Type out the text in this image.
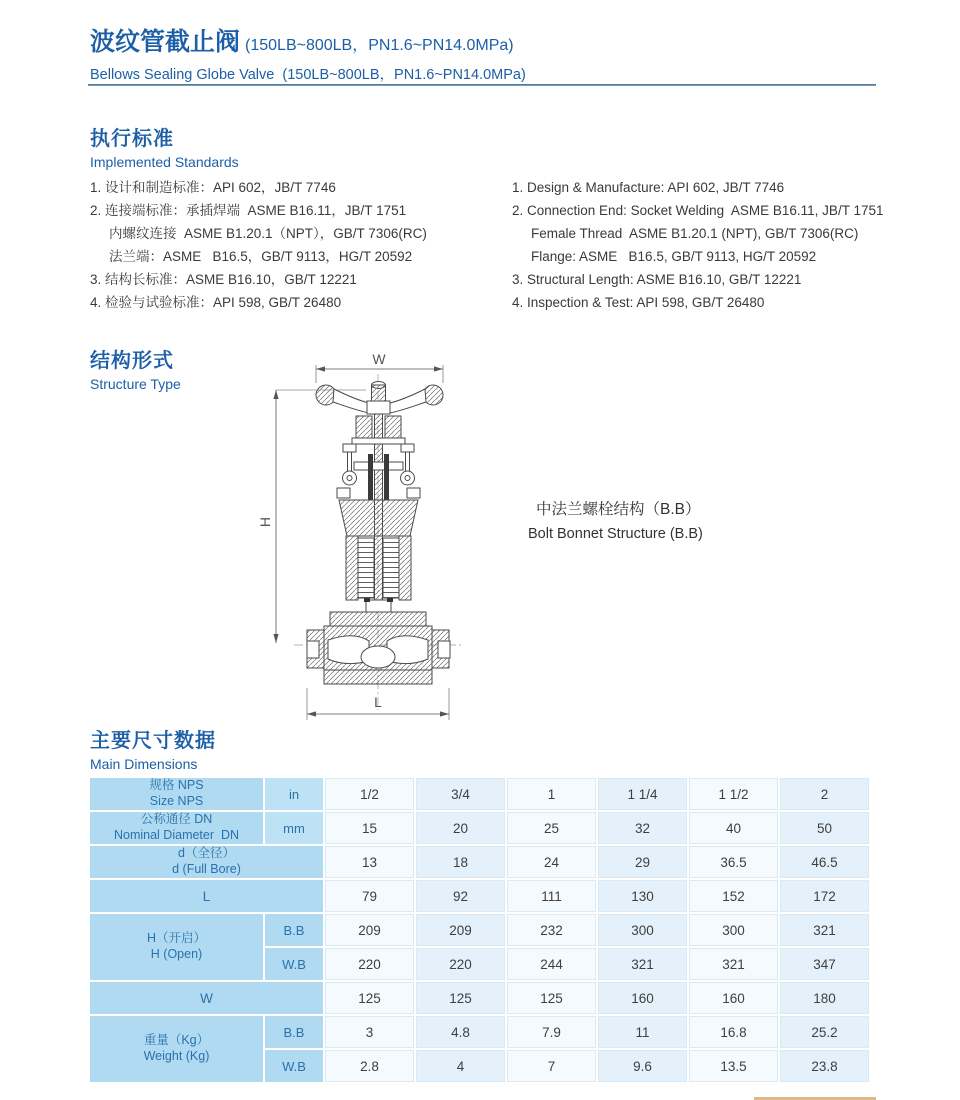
波纹管截止阀 (150LB~800LB，PN1.6~PN14.0MPa)
Bellows Sealing Globe Valve  (150LB~800LB，PN1.6~PN14.0MPa)
执行标准
Implemented Standards
1. 设计和制造标准：API 602，JB/T 7746
2. 连接端标准：承插焊端  ASME B16.11，JB/T 1751
内螺纹连接  ASME B1.20.1（NPT），GB/T 7306(RC)
法兰端：ASME   B16.5，GB/T 9113，HG/T 20592
3. 结构长标准：ASME B16.10，GB/T 12221
4. 检验与试验标准：API 598, GB/T 26480
1. Design & Manufacture: API 602, JB/T 7746
2. Connection End: Socket Welding  ASME B16.11, JB/T 1751
Female Thread  ASME B1.20.1 (NPT), GB/T 7306(RC)
Flange: ASME   B16.5, GB/T 9113, HG/T 20592
3. Structural Length: ASME B16.10, GB/T 12221
4. Inspection & Test: API 598, GB/T 26480
结构形式
Structure Type
W
H
L
中法兰螺栓结构（B.B）
Bolt Bonnet Structure (B.B)
主要尺寸数据
Main Dimensions
规格 NPS
Size NPS	in	1/2	3/4	1	1 1/4	1 1/2	2

公称通径 DN
Nominal Diameter  DN	mm	15	20	25	32	40	50

d（全径）
d (Full Bore)		13	18	24	29	36.5	46.5

L		79	92	111	130	152	172

H（开启）
H (Open)	B.B	209	209	232	300	300	321
	W.B	220	220	244	321	321	347

W		125	125	125	160	160	180

重量（Kg）
Weight (Kg)	B.B	3	4.8	7.9	11	16.8	25.2
	W.B	2.8	4	7	9.6	13.5	23.8
